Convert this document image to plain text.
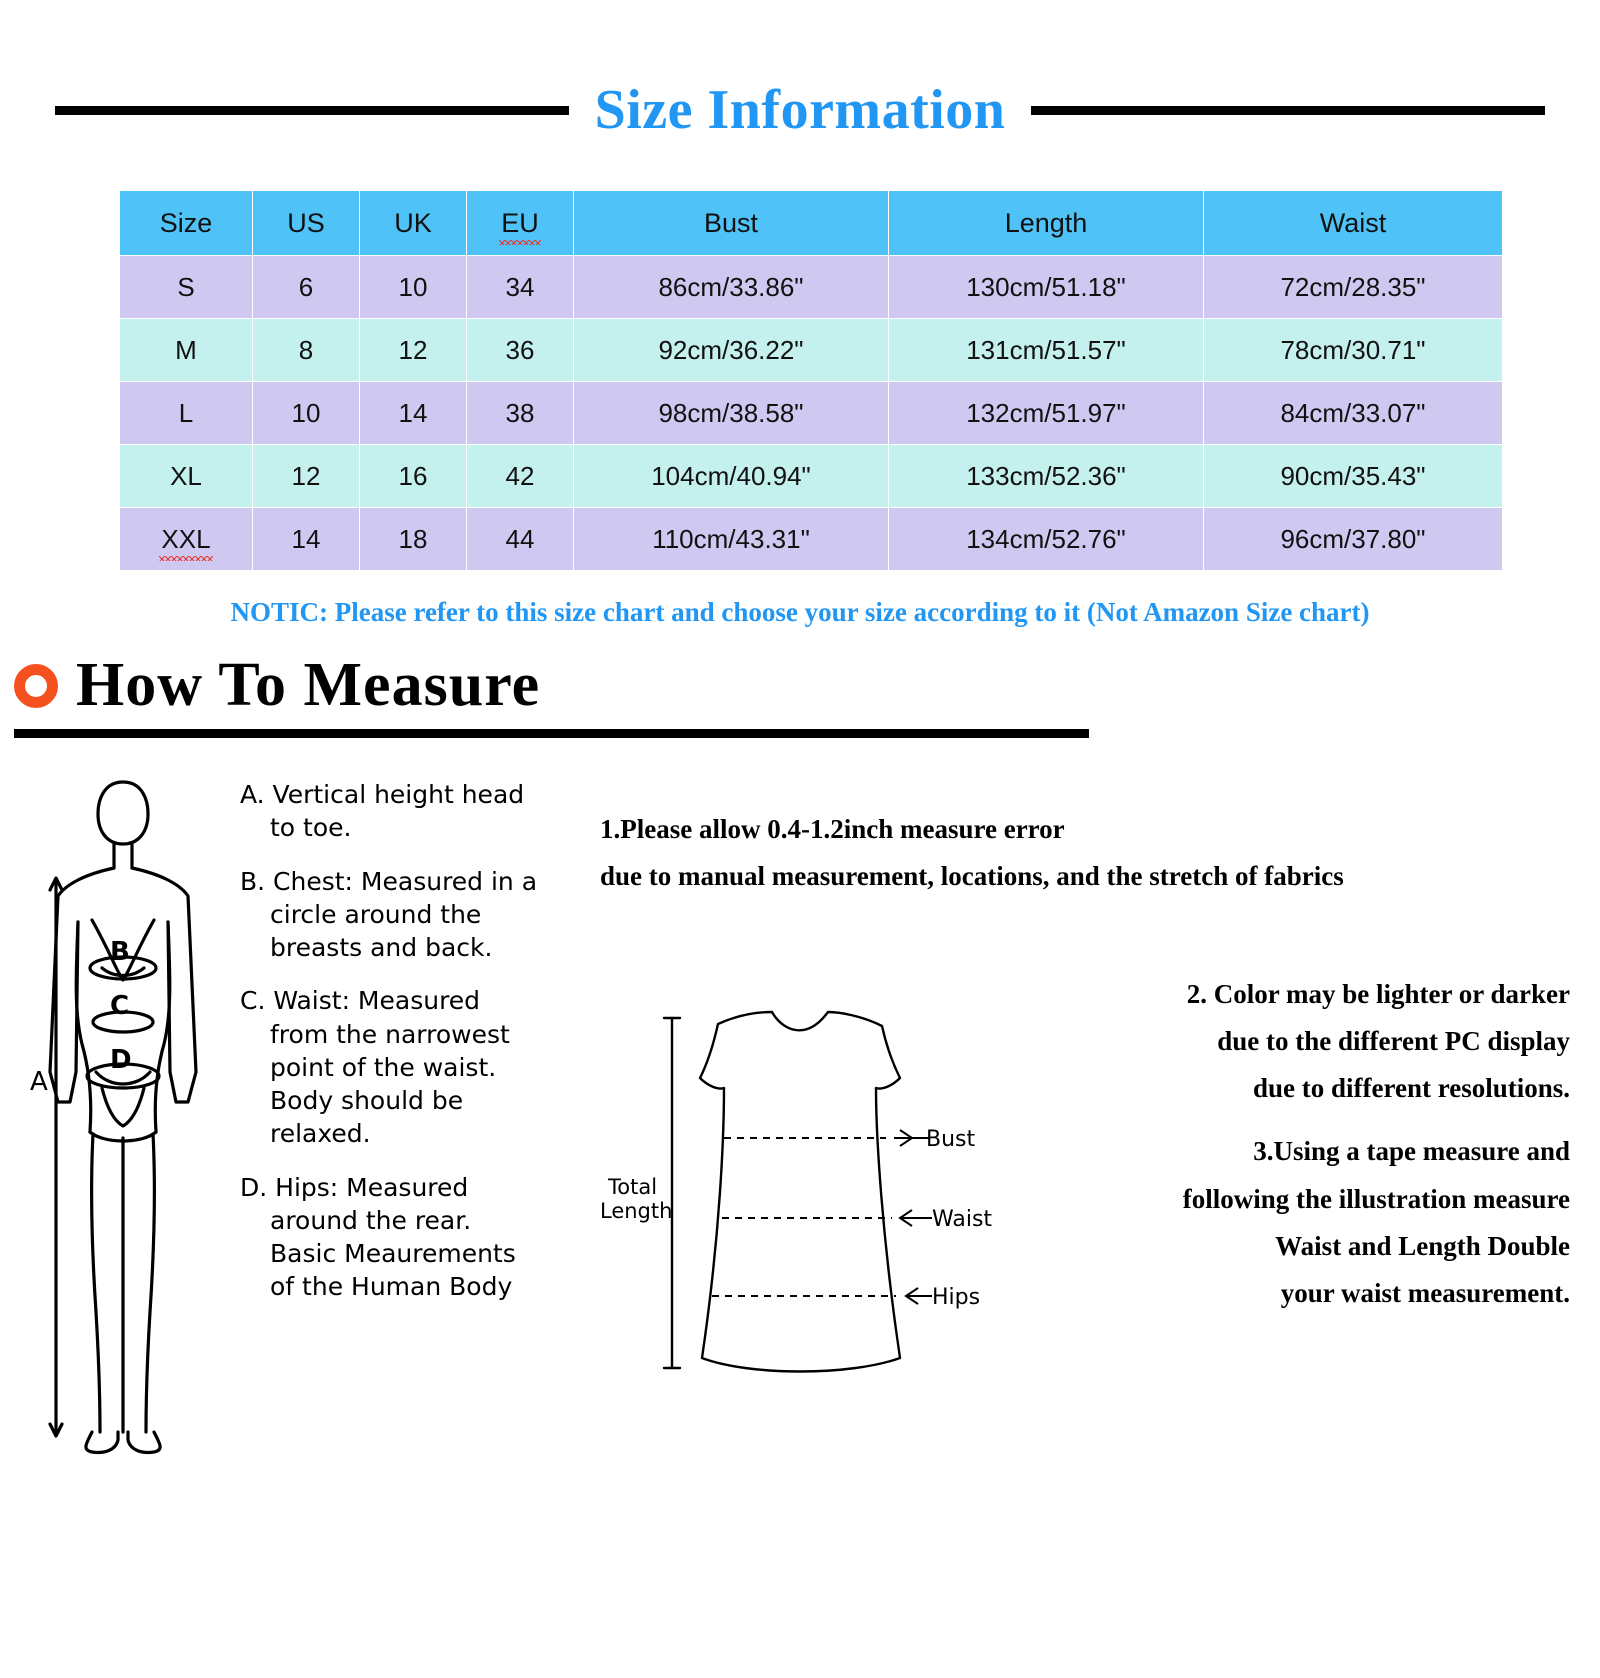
Size Information
Size	US	UK	EU	Bust	Length	Waist
S	6	10	34	86cm/33.86"	130cm/51.18"	72cm/28.35"
M	8	12	36	92cm/36.22"	131cm/51.57"	78cm/30.71"
L	10	14	38	98cm/38.58"	132cm/51.97"	84cm/33.07"
XL	12	16	42	104cm/40.94"	133cm/52.36"	90cm/35.43"
XXL	14	18	44	110cm/43.31"	134cm/52.76"	96cm/37.80"
NOTIC: Please refer to this size chart and choose your size according to it (Not Amazon Size chart)
How To Measure
A
B
C
D
A. Vertical height head
to toe.
B. Chest: Measured in a
circle around the
breasts and back.
C. Waist: Measured
from the narrowest
point of the waist.
Body should be
relaxed.
D. Hips: Measured
around the rear.
Basic Meaurements
of the Human Body
Bust
Waist
Hips
Total
Length
1.Please allow 0.4-1.2inch measure error
due to manual measurement, locations, and the stretch of fabrics
2. Color may be lighter or darker
due to the different PC display
due to different resolutions.
3.Using a tape measure and
following the illustration measure
Waist and Length Double
your waist measurement.
